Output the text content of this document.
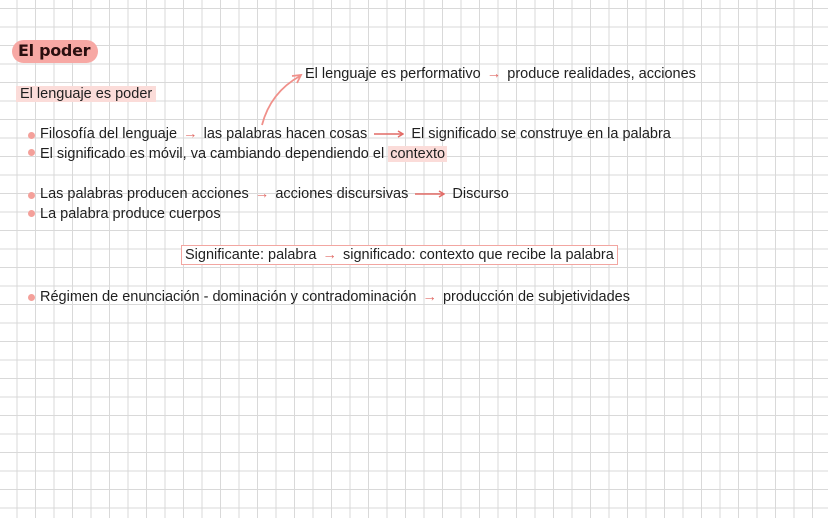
El poder
El lenguaje es poder
El lenguaje es performativo → produce realidades, acciones
Filosofía del lenguaje → las palabras hacen cosas	El significado se construye en la palabra
El significado es móvil, va cambiando dependiendo el contexto
Las palabras producen acciones → acciones discursivas	Discurso
La palabra produce cuerpos
Significante: palabra → significado: contexto que recibe la palabra
Régimen de enunciación - dominación y contradominación → producción de subjetividades
